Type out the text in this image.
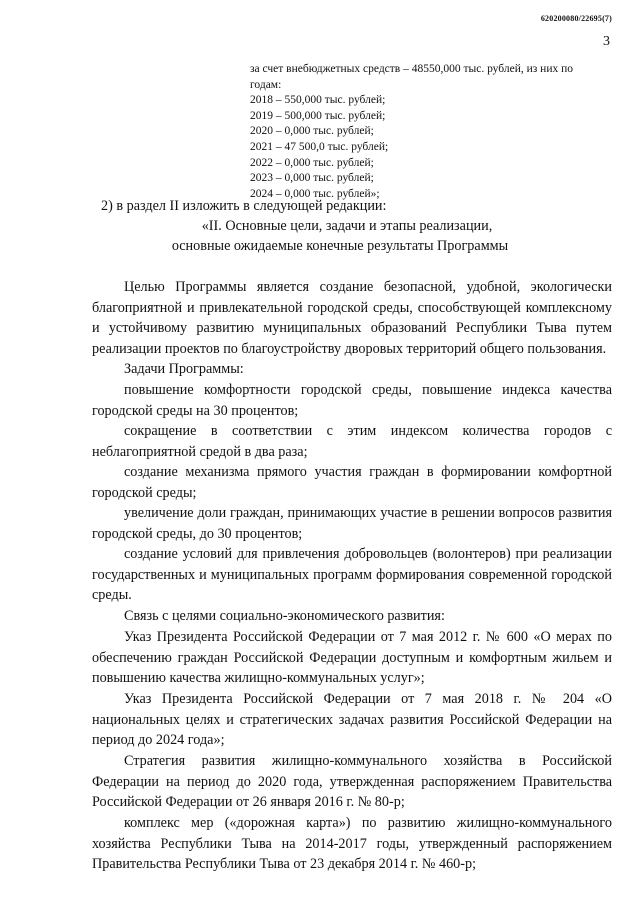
620200080/22695(7)
3
за счет внебюджетных средств – 48550,000 тыс. рублей, из них по годам:
2018 – 550,000 тыс. рублей;
2019 – 500,000 тыс. рублей;
2020 – 0,000 тыс. рублей;
2021 – 47 500,0 тыс. рублей;
2022 – 0,000 тыс. рублей;
2023 – 0,000 тыс. рублей;
2024 – 0,000 тыс. рублей»;
2) в раздел II изложить в следующей редакции:
«II. Основные цели, задачи и этапы реализации,
основные ожидаемые конечные результаты Программы
Целью Программы является создание безопасной, удобной, экологически благоприятной и привлекательной городской среды, способствующей комплексному и устойчивому развитию муниципальных образований Республики Тыва путем реализации проектов по благоустройству дворовых территорий общего пользования.
Задачи Программы:
повышение комфортности городской среды, повышение индекса качества городской среды на 30 процентов;
сокращение в соответствии с этим индексом количества городов с неблагоприятной средой в два раза;
создание механизма прямого участия граждан в формировании комфортной городской среды;
увеличение доли граждан, принимающих участие в решении вопросов развития городской среды, до 30 процентов;
создание условий для привлечения добровольцев (волонтеров) при реализации государственных и муниципальных программ формирования современной городской среды.
Связь с целями социально-экономического развития:
Указ Президента Российской Федерации от 7 мая 2012 г. № 600 «О мерах по обеспечению граждан Российской Федерации доступным и комфортным жильем и повышению качества жилищно-коммунальных услуг»;
Указ Президента Российской Федерации от 7 мая 2018 г. № 204 «О национальных целях и стратегических задачах развития Российской Федерации на период до 2024 года»;
Стратегия развития жилищно-коммунального хозяйства в Российской Федерации на период до 2020 года, утвержденная распоряжением Правительства Российской Федерации от 26 января 2016 г. № 80-р;
комплекс мер («дорожная карта») по развитию жилищно-коммунального хозяйства Республики Тыва на 2014-2017 годы, утвержденный распоряжением Правительства Республики Тыва от 23 декабря 2014 г. № 460-р;
